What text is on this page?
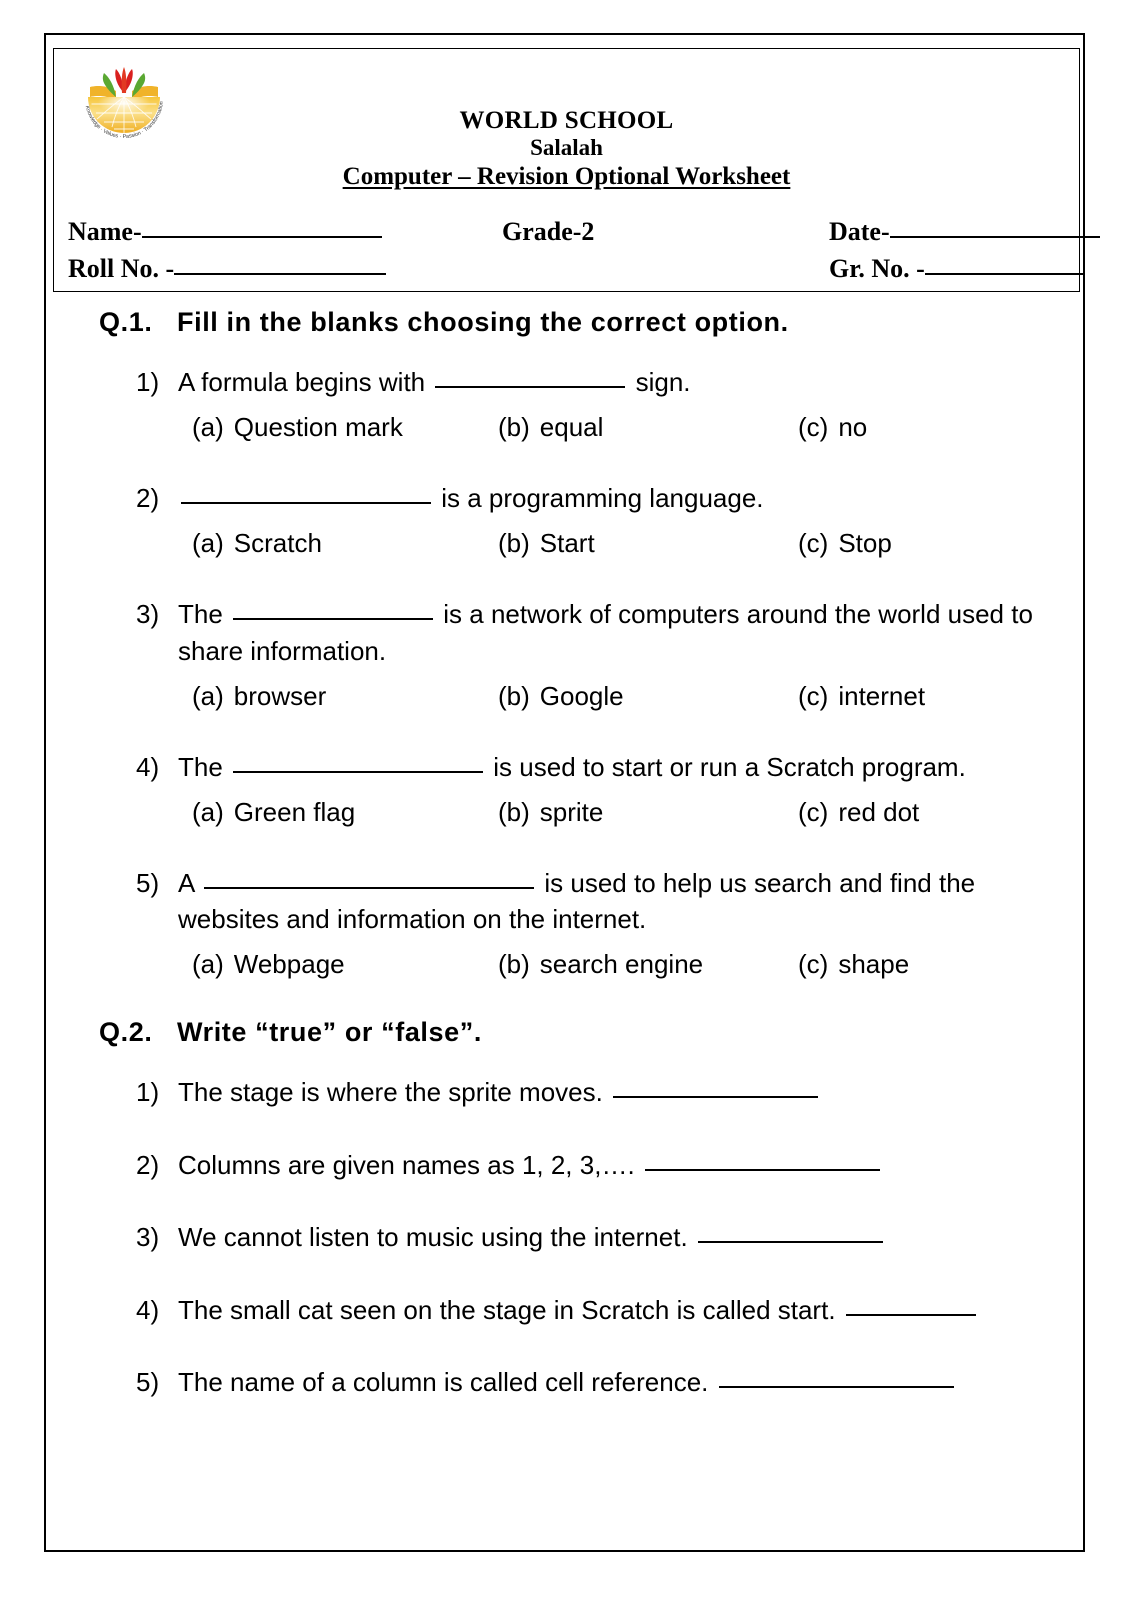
Knowledge · Values · Passion · Transformation
WORLD SCHOOL
Salalah
Computer – Revision Optional Worksheet
Name-	Grade-2	Date-
Roll No. -	Gr. No. -
Q.1. Fill in the blanks choosing the correct option.
1) A formula begins with	sign.
(a) Question mark	(b) equal	(c) no
2)	is a programming language.
(a) Scratch	(b) Start	(c) Stop
3) The	is a network of computers around the world used to share information.
(a) browser	(b) Google	(c) internet
4) The	is used to start or run a Scratch program.
(a) Green flag	(b) sprite	(c) red dot
5) A	is used to help us search and find the websites and information on the internet.
(a) Webpage	(b) search engine	(c) shape
Q.2. Write “true” or “false”.
1) The stage is where the sprite moves.
2) Columns are given names as 1, 2, 3,….
3) We cannot listen to music using the internet.
4) The small cat seen on the stage in Scratch is called start.
5) The name of a column is called cell reference.
